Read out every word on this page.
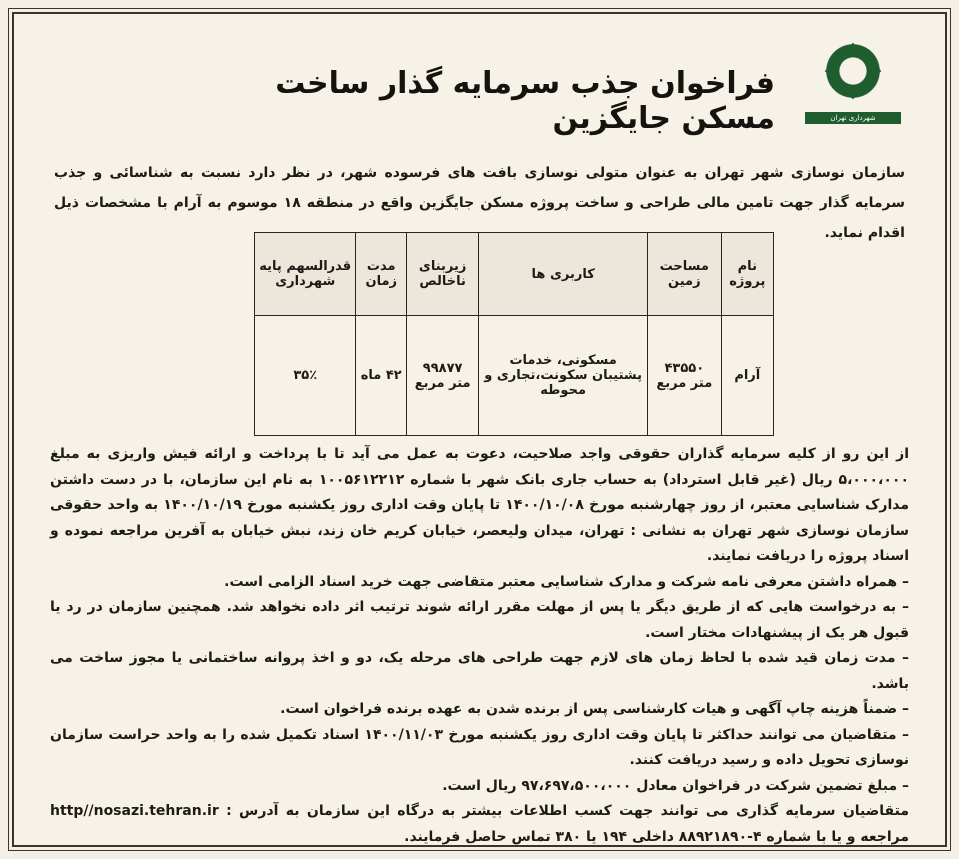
شهرداری تهران
فراخوان جذب سرمایه گذار ساخت مسکن جایگزین
سازمان نوسازی شهر تهران به عنوان متولی نوسازی بافت های فرسوده شهر، در نظر دارد نسبت به شناسائی و جذب سرمایه گذار جهت تامین مالی طراحی و ساخت پروژه مسکن جایگزین واقع در منطقه ۱۸ موسوم به آرام با مشخصات ذیل اقدام نماید.
نام پروژه	مساحت زمین	کاربری ها	زیربنای ناخالص	مدت زمان	قدرالسهم پایه شهرداری
آرام	۴۳۵۵۰ متر مربع	مسکونی، خدمات پشتیبان سکونت،تجاری و محوطه	۹۹۸۷۷ متر مربع	۴۲ ماه	۳۵٪

از این رو از کلیه سرمایه گذاران حقوقی واجد صلاحیت، دعوت به عمل می آید تا با پرداخت و ارائه فیش واریزی به مبلغ ۵،۰۰۰،۰۰۰ ریال (غیر قابل استرداد) به حساب جاری بانک شهر با شماره ۱۰۰۵۶۱۲۲۱۲ به نام این سازمان، با در دست داشتن مدارک شناسایی معتبر، از روز چهارشنبه مورخ ۱۴۰۰/۱۰/۰۸ تا پایان وقت اداری روز یکشنبه مورخ ۱۴۰۰/۱۰/۱۹ به واحد حقوقی سازمان نوسازی شهر تهران به نشانی : تهران، میدان ولیعصر، خیابان کریم خان زند، نبش خیابان به آفرین مراجعه نموده و اسناد پروژه را دریافت نمایند.

– همراه داشتن معرفی نامه شرکت و مدارک شناسایی معتبر متقاضی جهت خرید اسناد الزامی است.

– به درخواست هایی که از طریق دیگر یا پس از مهلت مقرر ارائه شوند ترتیب اثر داده نخواهد شد. همچنین سازمان در رد یا قبول هر یک از پیشنهادات مختار است.

– مدت زمان قید شده با لحاظ زمان های لازم جهت طراحی های مرحله یک، دو و اخذ پروانه ساختمانی یا مجوز ساخت می باشد.

– ضمناً هزینه چاپ آگهی و هیات کارشناسی پس از برنده شدن به عهده برنده فراخوان است.

– متقاضیان می توانند حداکثر تا پایان وقت اداری روز یکشنبه مورخ ۱۴۰۰/۱۱/۰۳ اسناد تکمیل شده را به واحد حراست سازمان نوسازی تحویل داده و رسید دریافت کنند.

– مبلغ تضمین شرکت در فراخوان معادل ۹۷،۶۹۷،۵۰۰،۰۰۰ ریال است.

متقاضیان سرمایه گذاری می توانند جهت کسب اطلاعات بیشتر به درگاه این سازمان به آدرس : http//nosazi.tehran.ir مراجعه و یا با شماره ۴-۸۸۹۲۱۸۹۰ داخلی ۱۹۴ یا ۳۸۰ تماس حاصل فرمایند.
